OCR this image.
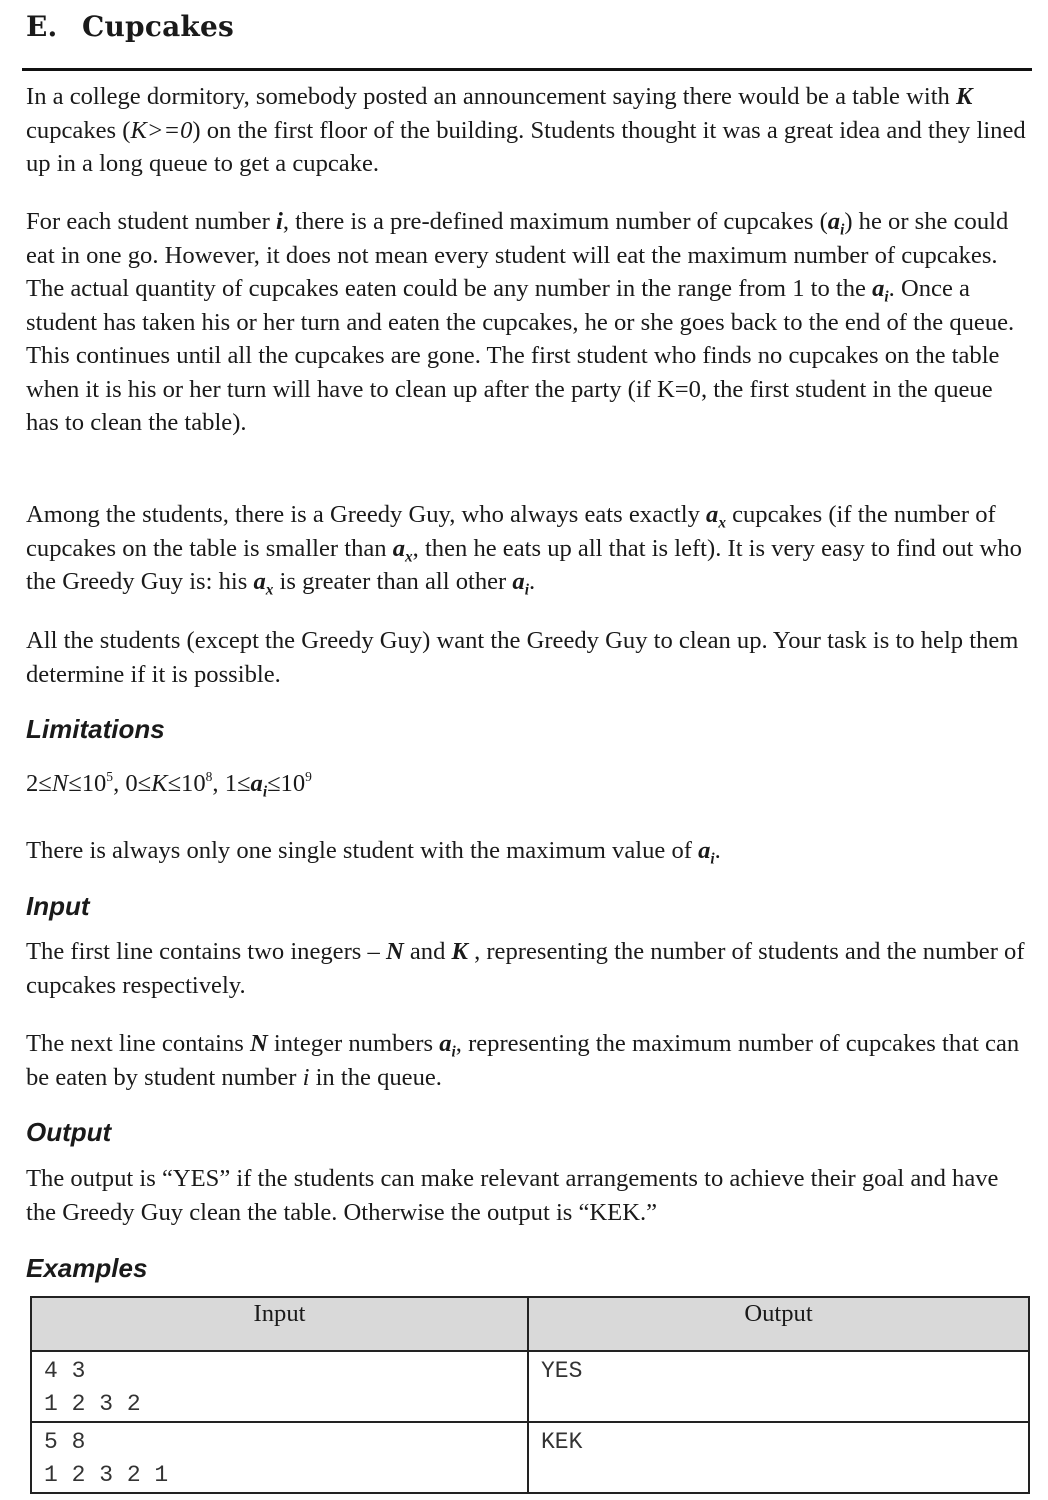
E. Cupcakes

In a college dormitory, somebody posted an announcement saying there would be a table with K cupcakes (K>=0) on the first floor of the building. Students thought it was a great idea and they lined up in a long queue to get a cupcake.

For each student number i, there is a pre-defined maximum number of cupcakes $(a_i)$ he or she could eat in one go. However, it does not mean every student will eat the maximum number of cupcakes. The actual quantity of cupcakes eaten could be any number in the range from 1 to the $a_i$. Once a student has taken his or her turn and eaten the cupcakes, he or she goes back to the end of the queue. This continues until all the cupcakes are gone. The first student who finds no cupcakes on the table when it is his or her turn will have to clean up after the party (if K=0, the first student in the queue has to clean the table).

Among the students, there is a Greedy Guy, who always eats exactly $a_x$ cupcakes (if the number of cupcakes on the table is smaller than $a_x$, then he eats up all that is left). It is very easy to find out who the Greedy Guy is: his $a_x$ is greater than all other $a_i$.

All the students (except the Greedy Guy) want the Greedy Guy to clean up. Your task is to help them determine if it is possible.

Limitations

$2\le N\le 10^5$, $0\le K\le 10^8$, $1\le a_i\le 10^9$

There is always only one single student with the maximum value of $a_i$.

Input

The first line contains two inegers – N and K , representing the number of students and the number of cupcakes respectively.

The next line contains N integer numbers $a_i$, representing the maximum number of cupcakes that can be eaten by student number i in the queue.

Output

The output is “YES” if the students can make relevant arrangements to achieve their goal and have the Greedy Guy clean the table. Otherwise the output is “KEK.”

Examples
Input	Output

4 3
1 2 3 2	YES

5 8
1 2 3 2 1	KEK
